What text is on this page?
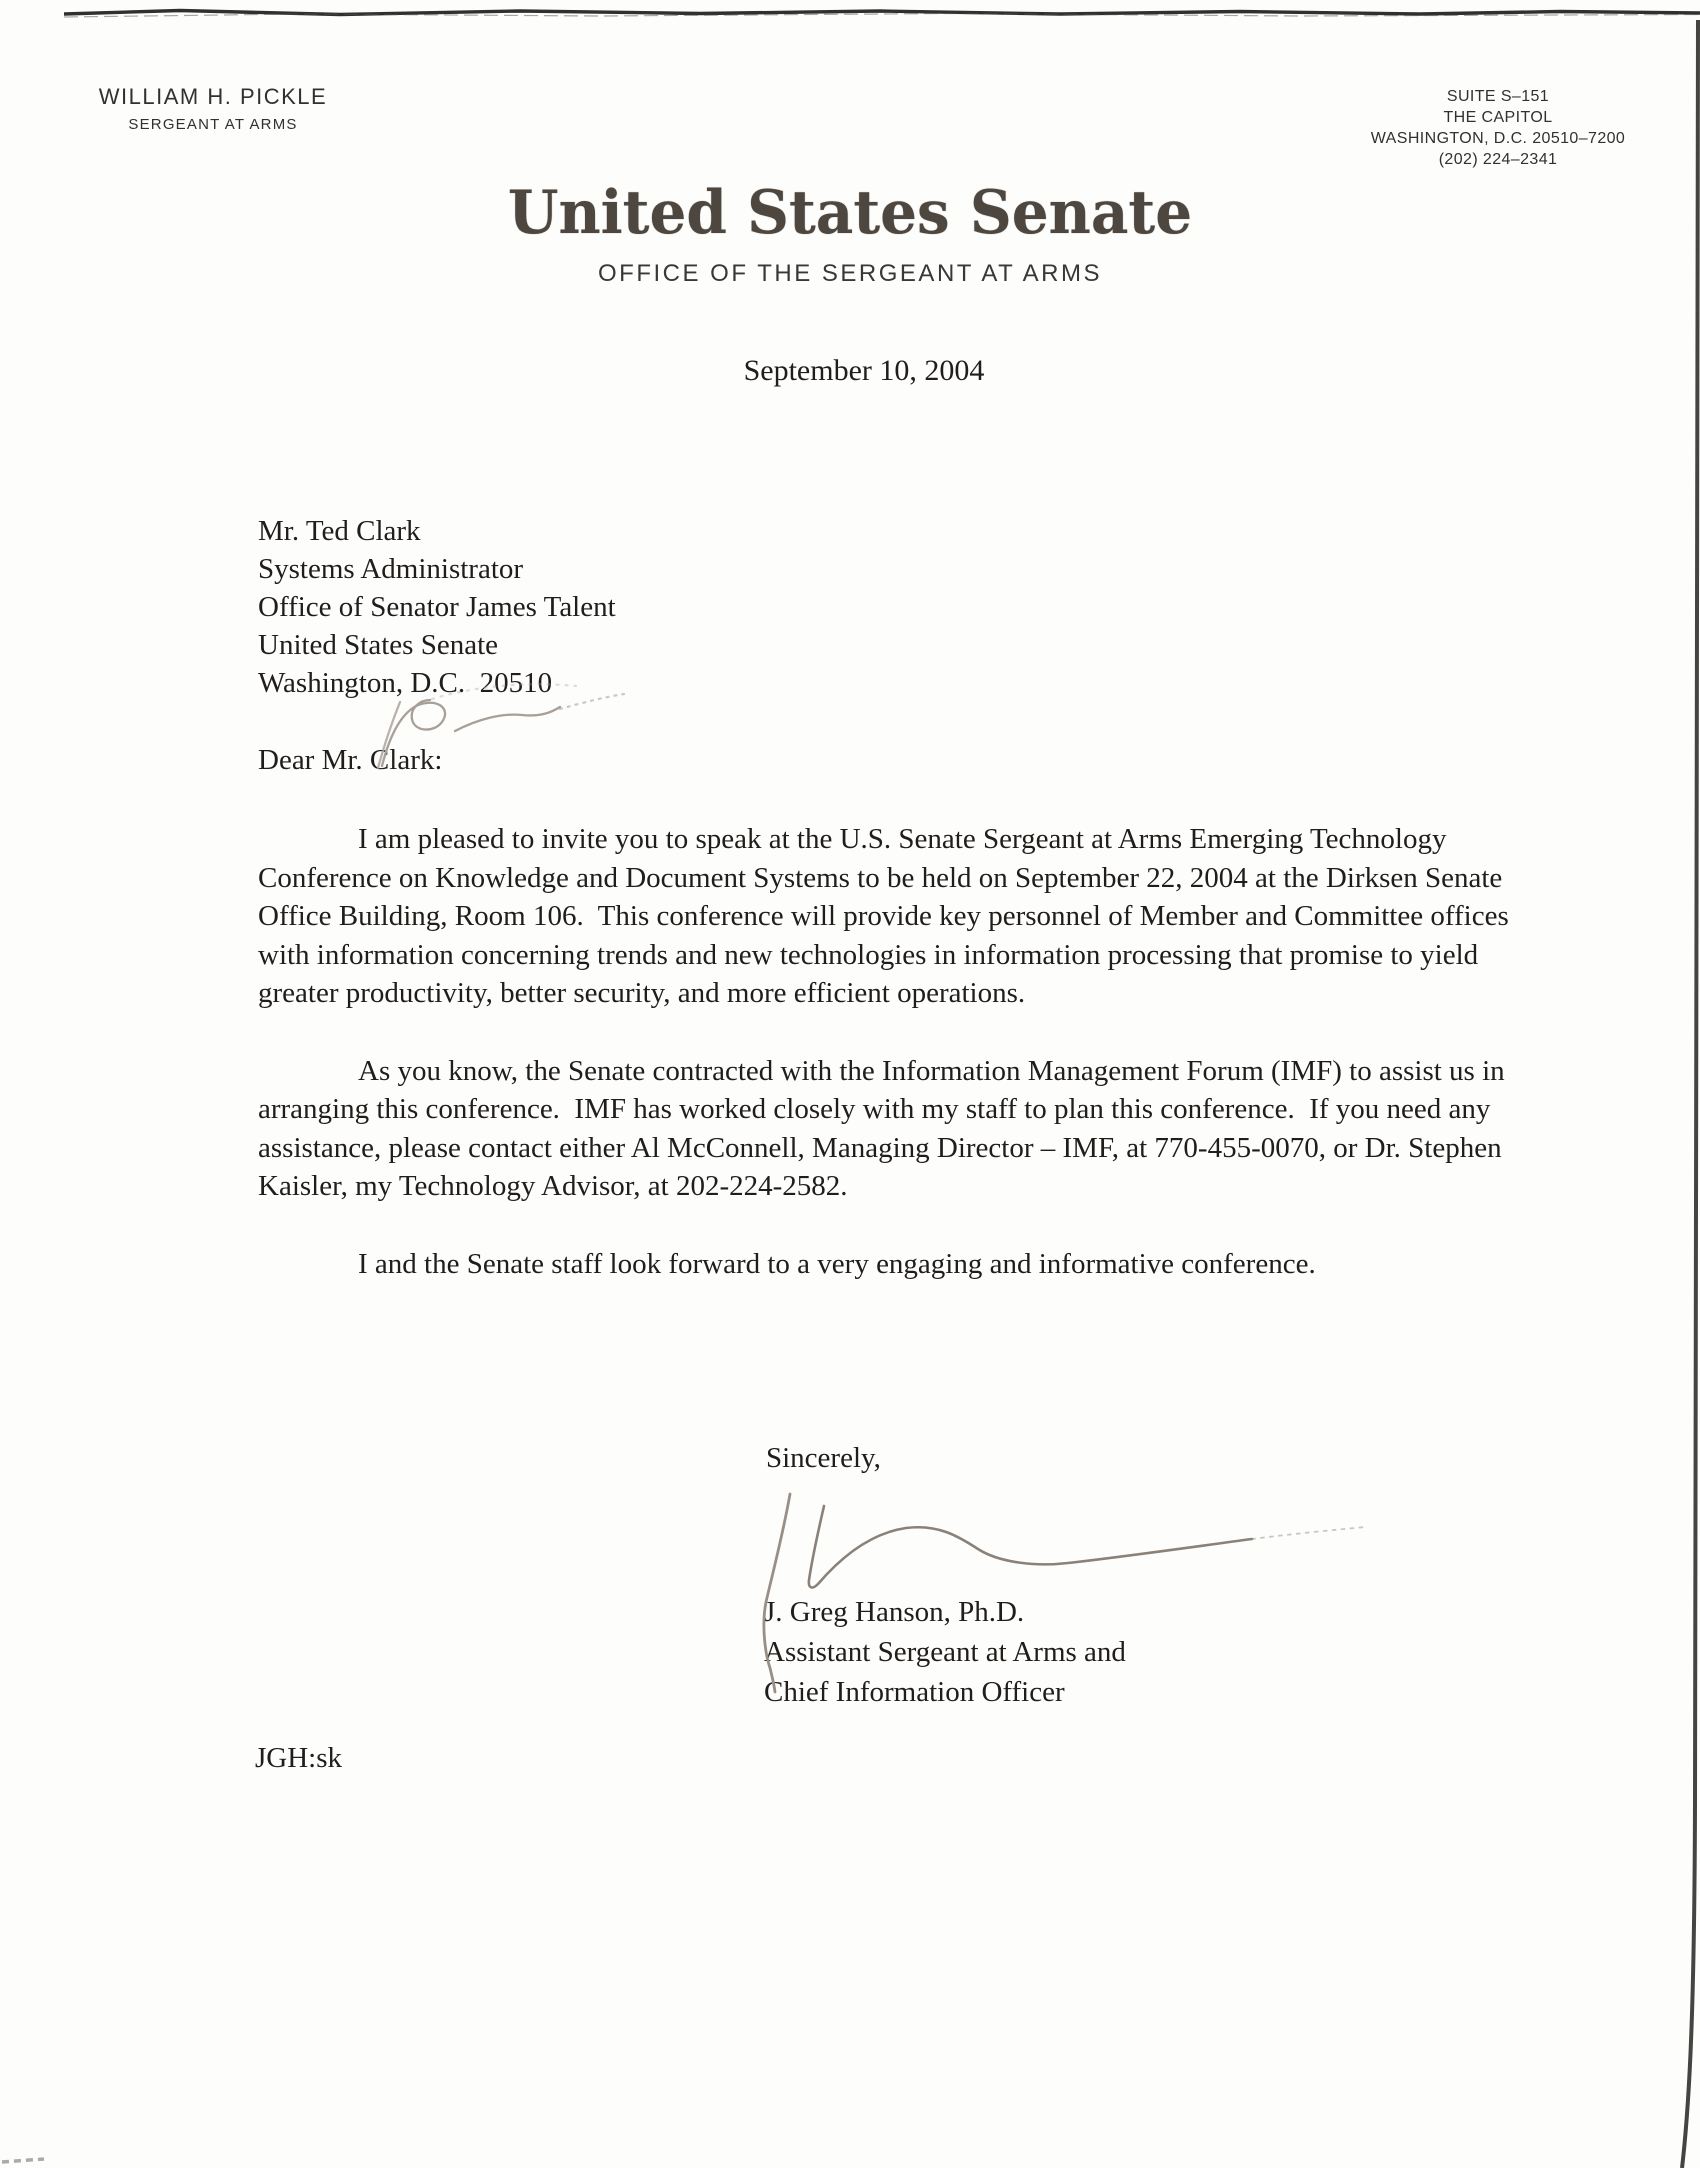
WILLIAM H. PICKLE
SERGEANT AT ARMS
SUITE S–151
THE CAPITOL
WASHINGTON, D.C. 20510–7200
(202) 224–2341
United States Senate
OFFICE OF THE SERGEANT AT ARMS
September 10, 2004
Mr. Ted Clark
Systems Administrator
Office of Senator James Talent
United States Senate
Washington, D.C.  20510
Dear Mr. Clark:

I am pleased to invite you to speak at the U.S. Senate Sergeant at Arms Emerging Technology Conference on Knowledge and Document Systems to be held on September 22, 2004 at the Dirksen Senate Office Building, Room 106.  This conference will provide key personnel of Member and Committee offices with information concerning trends and new technologies in information processing that promise to yield greater productivity, better security, and more efficient operations.

As you know, the Senate contracted with the Information Management Forum (IMF) to assist us in arranging this conference.  IMF has worked closely with my staff to plan this conference.  If you need any assistance, please contact either Al McConnell, Managing Director – IMF, at 770-455-0070, or Dr. Stephen Kaisler, my Technology Advisor, at 202-224-2582.

I and the Senate staff look forward to a very engaging and informative conference.

Sincerely,
J. Greg Hanson, Ph.D.
Assistant Sergeant at Arms and
Chief Information Officer
JGH:sk
